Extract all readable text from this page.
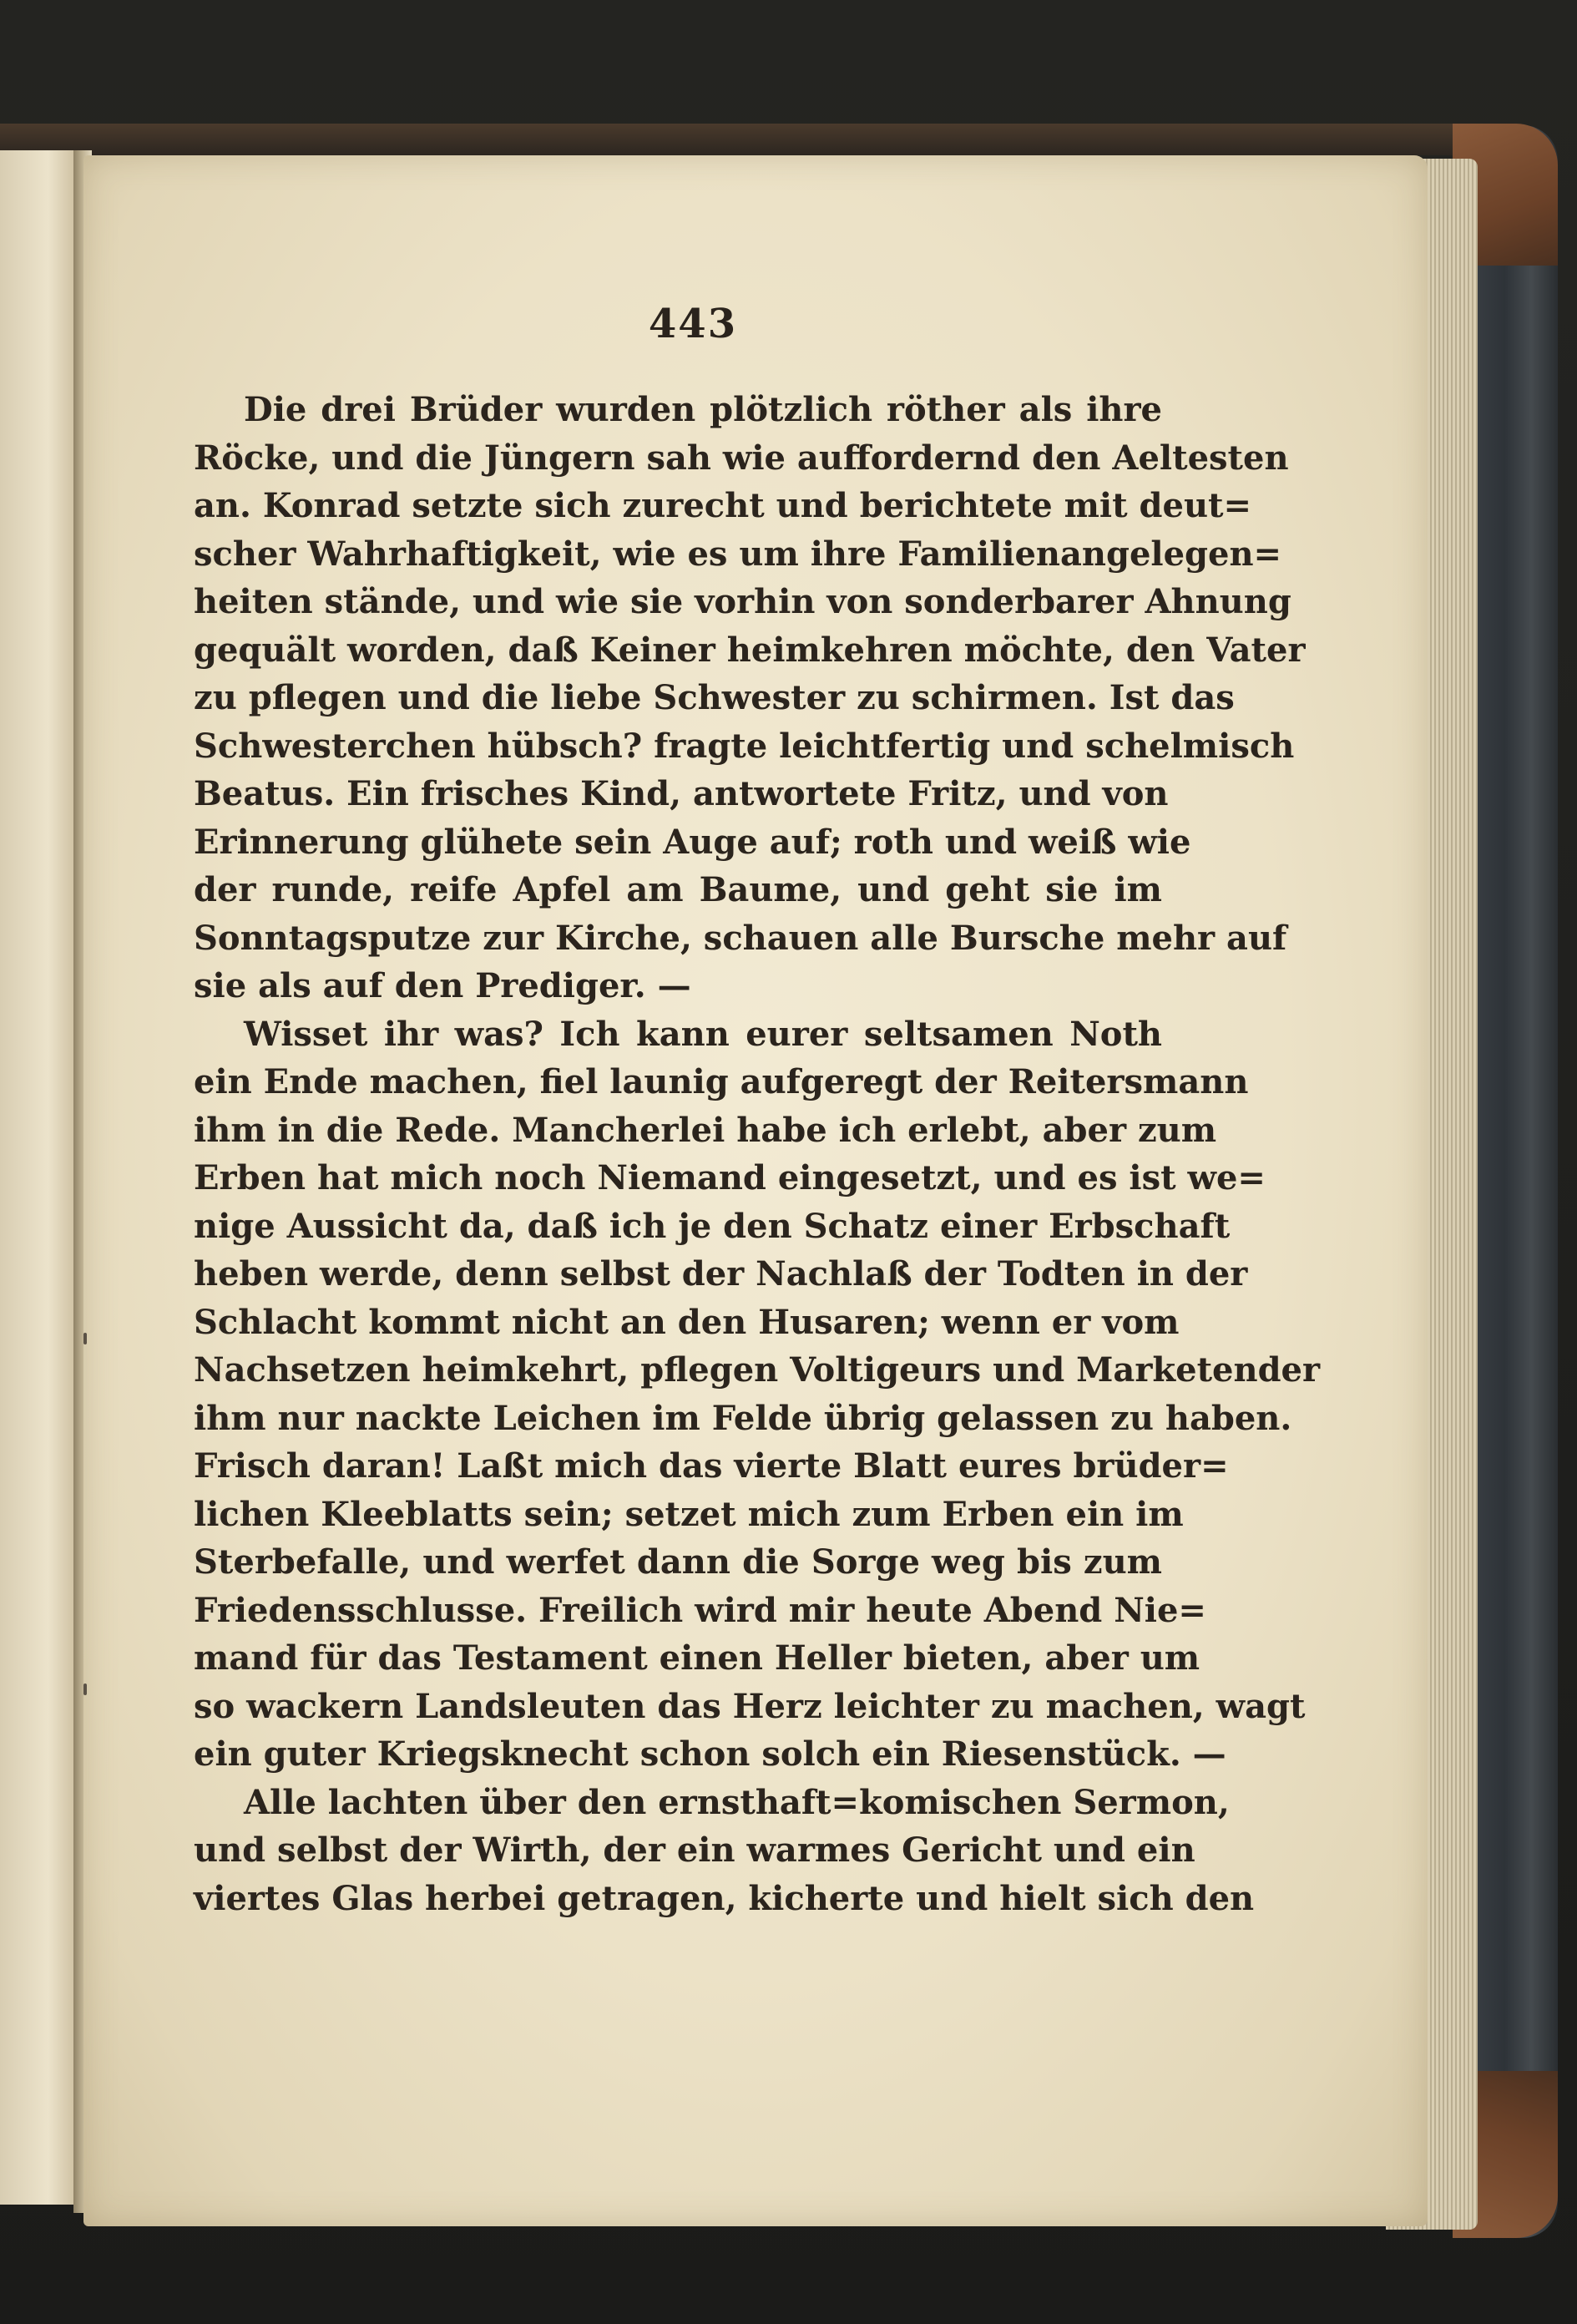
443
Die drei Brüder wurden plötzlich röther als ihre
Röcke, und die Jüngern sah wie auffordernd den Aeltesten
an. Konrad setzte sich zurecht und berichtete mit deut=
scher Wahrhaftigkeit, wie es um ihre Familienangelegen=
heiten stände, und wie sie vorhin von sonderbarer Ahnung
gequält worden, daß Keiner heimkehren möchte, den Vater
zu pflegen und die liebe Schwester zu schirmen. Ist das
Schwesterchen hübsch? fragte leichtfertig und schelmisch
Beatus. Ein frisches Kind, antwortete Fritz, und von
Erinnerung glühete sein Auge auf; roth und weiß wie
der runde, reife Apfel am Baume, und geht sie im
Sonntagsputze zur Kirche, schauen alle Bursche mehr auf
sie als auf den Prediger. —
Wisset ihr was? Ich kann eurer seltsamen Noth
ein Ende machen, fiel launig aufgeregt der Reitersmann
ihm in die Rede. Mancherlei habe ich erlebt, aber zum
Erben hat mich noch Niemand eingesetzt, und es ist we=
nige Aussicht da, daß ich je den Schatz einer Erbschaft
heben werde, denn selbst der Nachlaß der Todten in der
Schlacht kommt nicht an den Husaren; wenn er vom
Nachsetzen heimkehrt, pflegen Voltigeurs und Marketender
ihm nur nackte Leichen im Felde übrig gelassen zu haben.
Frisch daran! Laßt mich das vierte Blatt eures brüder=
lichen Kleeblatts sein; setzet mich zum Erben ein im
Sterbefalle, und werfet dann die Sorge weg bis zum
Friedensschlusse. Freilich wird mir heute Abend Nie=
mand für das Testament einen Heller bieten, aber um
so wackern Landsleuten das Herz leichter zu machen, wagt
ein guter Kriegsknecht schon solch ein Riesenstück. —
Alle lachten über den ernsthaft=komischen Sermon,
und selbst der Wirth, der ein warmes Gericht und ein
viertes Glas herbei getragen, kicherte und hielt sich den
